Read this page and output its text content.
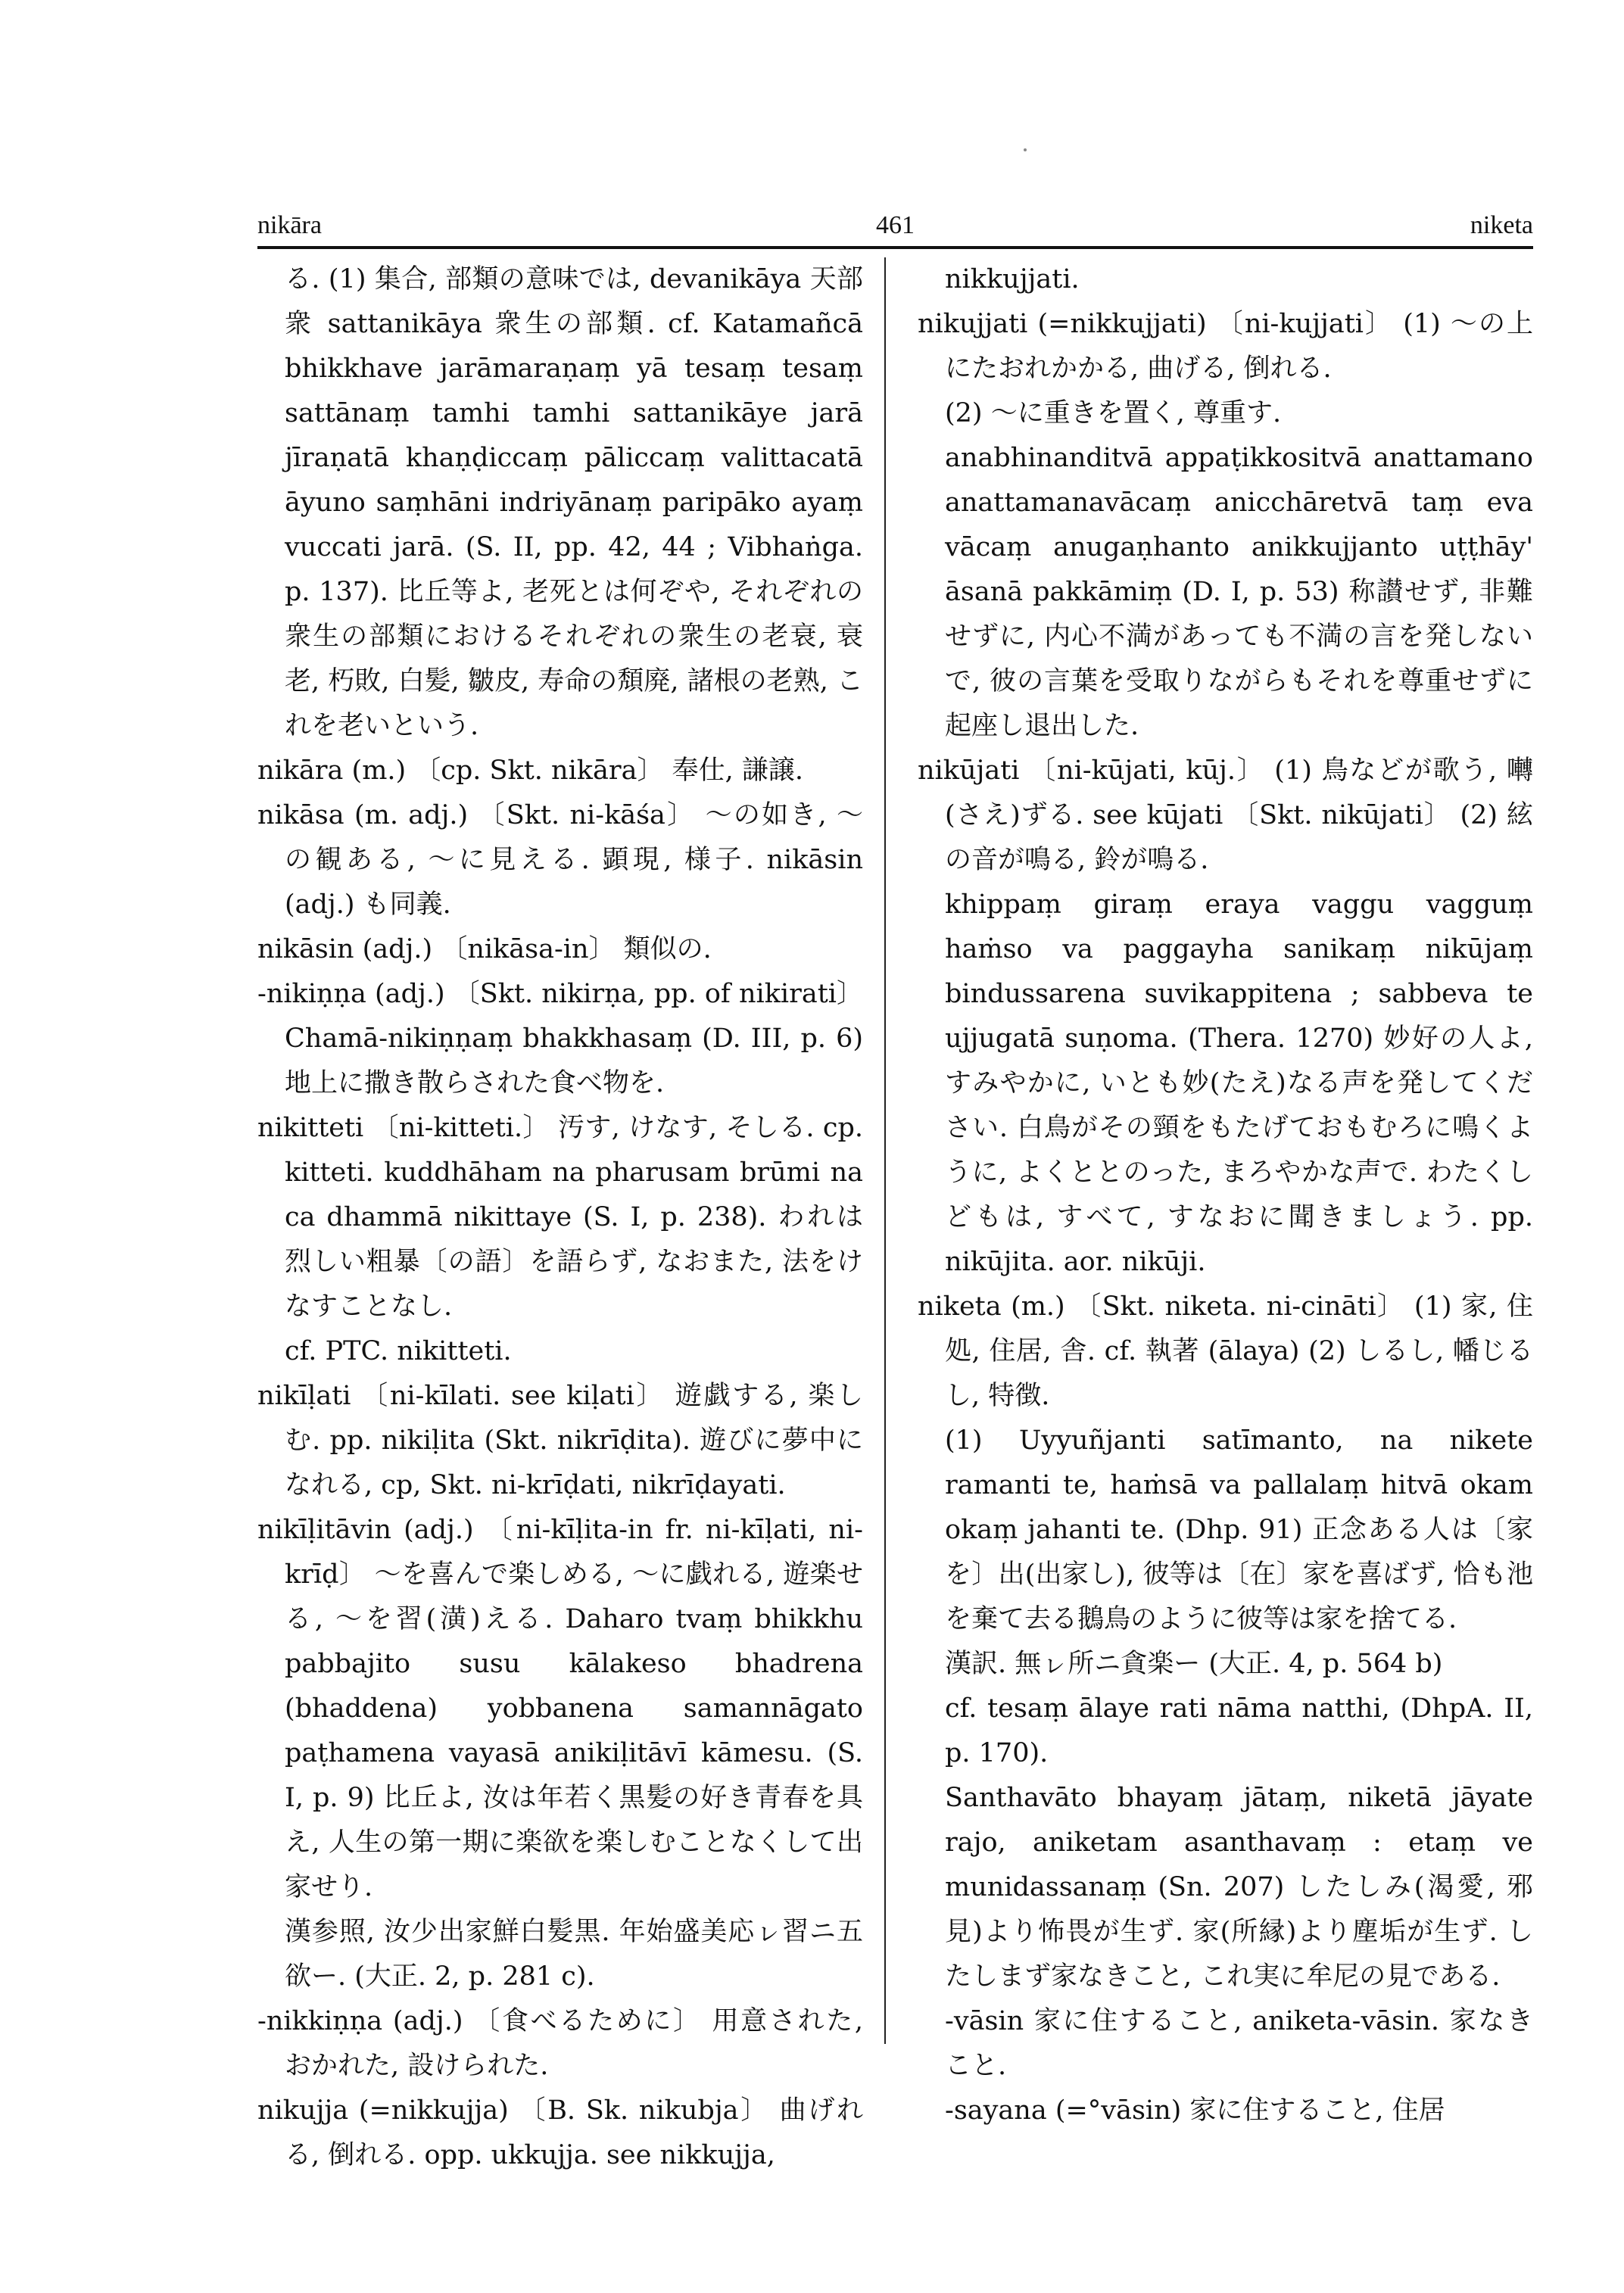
nikāra	461	niketa

る. (1) 集合, 部類の意味では, devanikāya 天部衆 sattanikāya 衆生の部類. cf. Katamañcā bhikkhave jarāmaraṇaṃ yā tesaṃ tesaṃ sattānaṃ tamhi tamhi sattanikāye jarā jīraṇatā khaṇḍiccaṃ pāliccaṃ valittacatā āyuno saṃhāni indriyānaṃ paripāko ayaṃ vuccati jarā. (S. II, pp. 42, 44 ; Vibhaṅga. p. 137). 比丘等よ, 老死とは何ぞや, それぞれの衆生の部類におけるそれぞれの衆生の老衰, 衰老, 朽敗, 白髪, 皺皮, 寿命の頽廃, 諸根の老熟, これを老いという.

nikāra (m.) 〔cp. Skt. nikāra〕 奉仕, 謙譲.

nikāsa (m. adj.) 〔Skt. ni-kāśa〕 ～の如き, ～の観ある, ～に見える. 顕現, 様子. nikāsin (adj.) も同義.

nikāsin (adj.) 〔nikāsa-in〕 類似の.

-nikiṇṇa (adj.) 〔Skt. nikirṇa, pp. of nikirati〕 Chamā-nikiṇṇaṃ bhakkhasaṃ (D. III, p. 6) 地上に撒き散らされた食べ物を.

nikitteti 〔ni-kitteti.〕 汚す, けなす, そしる. cp. kitteti. kuddhāham na pharusam brūmi na ca dhammā nikittaye (S. I, p. 238). われは烈しい粗暴〔の語〕を語らず, なおまた, 法をけなすことなし.

cf. PTC. nikitteti.

nikīḷati 〔ni-kīlati. see kiḷati〕 遊戯する, 楽しむ. pp. nikiḷita (Skt. nikrīḍita). 遊びに夢中になれる, cp, Skt. ni-krīḍati, nikrīḍayati.

nikīḷitāvin (adj.) 〔ni-kīḷita-in fr. ni-kīḷati, ni-krīḍ〕 ～を喜んで楽しめる, ～に戯れる, 遊楽せる, ～を習(潢)える. Daharo tvaṃ bhikkhu pabbajito susu kālakeso bhadrena (bhaddena) yobbanena samannāgato paṭhamena vayasā anikiḷitāvī kāmesu. (S. I, p. 9) 比丘よ, 汝は年若く黒髪の好き青春を具え, 人生の第一期に楽欲を楽しむことなくして出家せり.

漢参照, 汝少出家鮮白髪黒. 年始盛美応ㇾ習ニ五欲ー. (大正. 2, p. 281 c).

-nikkiṇṇa (adj.) 〔食べるために〕 用意された, おかれた, 設けられた.

nikujja (=nikkujja) 〔B. Sk. nikubja〕 曲げれる, 倒れる. opp. ukkujja. see nikkujja,

nikkujjati.

nikujjati (=nikkujjati) 〔ni-kujjati〕 (1) ～の上にたおれかかる, 曲げる, 倒れる.

(2) ～に重きを置く, 尊重す.

anabhinanditvā appaṭikkositvā anattamano anattamanavācaṃ anicchāretvā taṃ eva vācaṃ anugaṇhanto anikkujjanto uṭṭhāy' āsanā pakkāmiṃ (D. I, p. 53) 称讃せず, 非難せずに, 内心不満があっても不満の言を発しないで, 彼の言葉を受取りながらもそれを尊重せずに起座し退出した.

nikūjati 〔ni-kūjati, kūj.〕 (1) 鳥などが歌う, 囀(さえ)ずる. see kūjati 〔Skt. nikūjati〕 (2) 絃の音が鳴る, 鈴が鳴る.

khippaṃ giraṃ eraya vaggu vagguṃ haṁso va paggayha sanikaṃ nikūjaṃ bindussarena suvikappitena ; sabbeva te ujjugatā suṇoma. (Thera. 1270) 妙好の人よ, すみやかに, いとも妙(たえ)なる声を発してください. 白鳥がその頸をもたげておもむろに鳴くように, よくととのった, まろやかな声で. わたくしどもは, すべて, すなおに聞きましょう. pp. nikūjita. aor. nikūji.

niketa (m.) 〔Skt. niketa. ni-cināti〕 (1) 家, 住処, 住居, 舎. cf. 執著 (ālaya) (2) しるし, 幡じるし, 特徴.

(1) Uyyuñjanti satīmanto, na nikete ramanti te, haṁsā va pallalaṃ hitvā okam okaṃ jahanti te. (Dhp. 91) 正念ある人は〔家を〕出(出家し), 彼等は〔在〕家を喜ばず, 恰も池を棄て去る鵝鳥のように彼等は家を捨てる.

漢訳. 無ㇾ所ニ貪楽ー (大正. 4, p. 564 b)

cf. tesaṃ ālaye rati nāma natthi, (DhpA. II, p. 170).

Santhavāto bhayaṃ jātaṃ, niketā jāyate rajo, aniketam asanthavaṃ : etaṃ ve munidassanaṃ (Sn. 207) したしみ(渴愛, 邪見)より怖畏が生ず. 家(所縁)より塵垢が生ず. したしまず家なきこと, これ実に牟尼の見である.

-vāsin 家に住すること, aniketa-vāsin. 家なきこと.

-sayana (=°vāsin) 家に住すること, 住居
